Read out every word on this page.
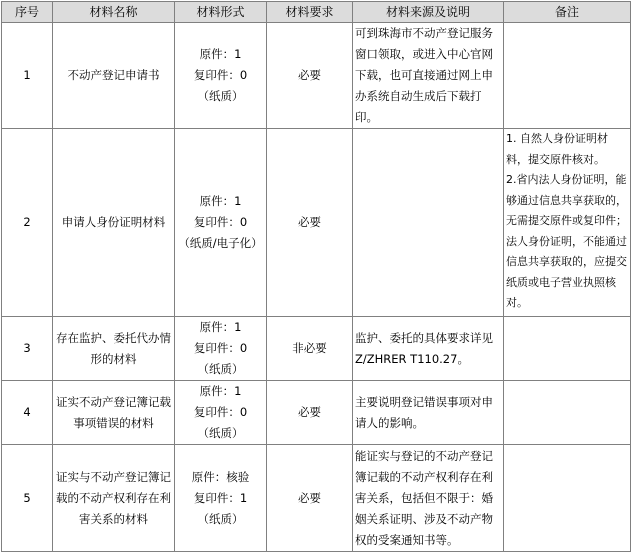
序号	材料名称	材料形式	材料要求	材料来源及说明	备注
1	不动产登记申请书	原件：1
复印件：0
（纸质）	必要	可到珠海市不动产登记服务窗口领取，或进入中心官网下载，也可直接通过网上申办系统自动生成后下载打印。	
2	申请人身份证明材料	原件：1
复印件：0
（纸质/电子化）	必要		1. 自然人身份证明材料，提交原件核对。
2.省内法人身份证明，能够通过信息共享获取的，无需提交原件或复印件；法人身份证明，不能通过信息共享获取的，应提交纸质或电子营业执照核对。

3	存在监护、委托代办情形的材料	原件：1
复印件：0
（纸质）	非必要	监护、委托的具体要求详见Z/ZHRER T110.27。	
4	证实不动产登记簿记载事项错误的材料	原件：1
复印件：0
（纸质）	必要	主要说明登记错误事项对申请人的影响。	
5	证实与不动产登记簿记载的不动产权利存在利害关系的材料	原件：核验
复印件：1
（纸质）	必要	能证实与登记的不动产登记簿记载的不动产权利存在利害关系，包括但不限于：婚姻关系证明、涉及不动产物权的受案通知书等。	
